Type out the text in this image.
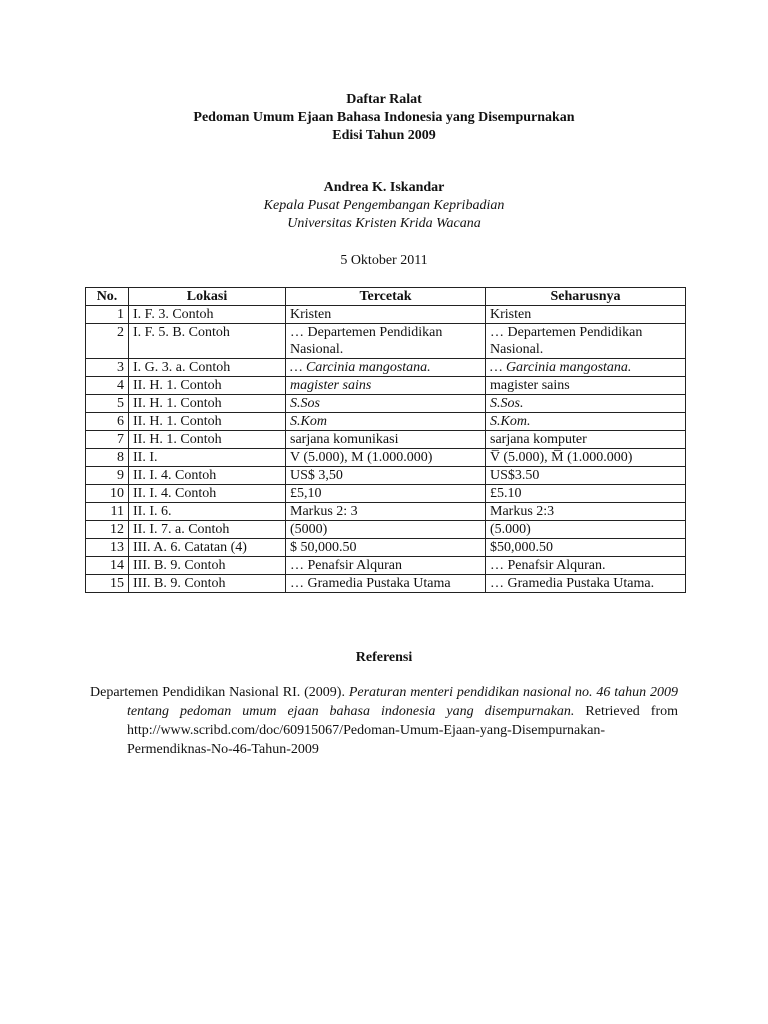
Daftar Ralat
Pedoman Umum Ejaan Bahasa Indonesia yang Disempurnakan
Edisi Tahun 2009
Andrea K. Iskandar
Kepala Pusat Pengembangan Kepribadian
Universitas Kristen Krida Wacana
5 Oktober 2011
No.	Lokasi	Tercetak	Seharusnya
1	I. F. 3. Contoh	Kristen	Kristen
2	I. F. 5. B. Contoh	… Departemen Pendidikan Nasional.	… Departemen Pendidikan Nasional.
3	I. G. 3. a. Contoh	… Carcinia mangostana.	… Garcinia mangostana.
4	II. H. 1. Contoh	magister sains	magister sains
5	II. H. 1. Contoh	S.Sos	S.Sos.
6	II. H. 1. Contoh	S.Kom	S.Kom.
7	II. H. 1. Contoh	sarjana komunikasi	sarjana komputer
8	II. I.	V (5.000), M (1.000.000)	V̅ (5.000), M̅ (1.000.000)
9	II. I. 4. Contoh	US$ 3,50	US$3.50
10	II. I. 4. Contoh	£5,10	£5.10
11	II. I. 6.	Markus 2: 3	Markus 2:3
12	II. I. 7. a. Contoh	(5000)	(5.000)
13	III. A. 6. Catatan (4)	$ 50,000.50	$50,000.50
14	III. B. 9. Contoh	… Penafsir Alquran	… Penafsir Alquran.
15	III. B. 9. Contoh	… Gramedia Pustaka Utama	… Gramedia Pustaka Utama.
Referensi
Departemen Pendidikan Nasional RI. (2009). Peraturan menteri pendidikan nasional no. 46 tahun 2009 tentang pedoman umum ejaan bahasa indonesia yang disempurnakan. Retrieved from http://www.scribd.com/doc/60915067/Pedoman-Umum-Ejaan-yang-Disempurnakan-Permendiknas-No-46-Tahun-2009
